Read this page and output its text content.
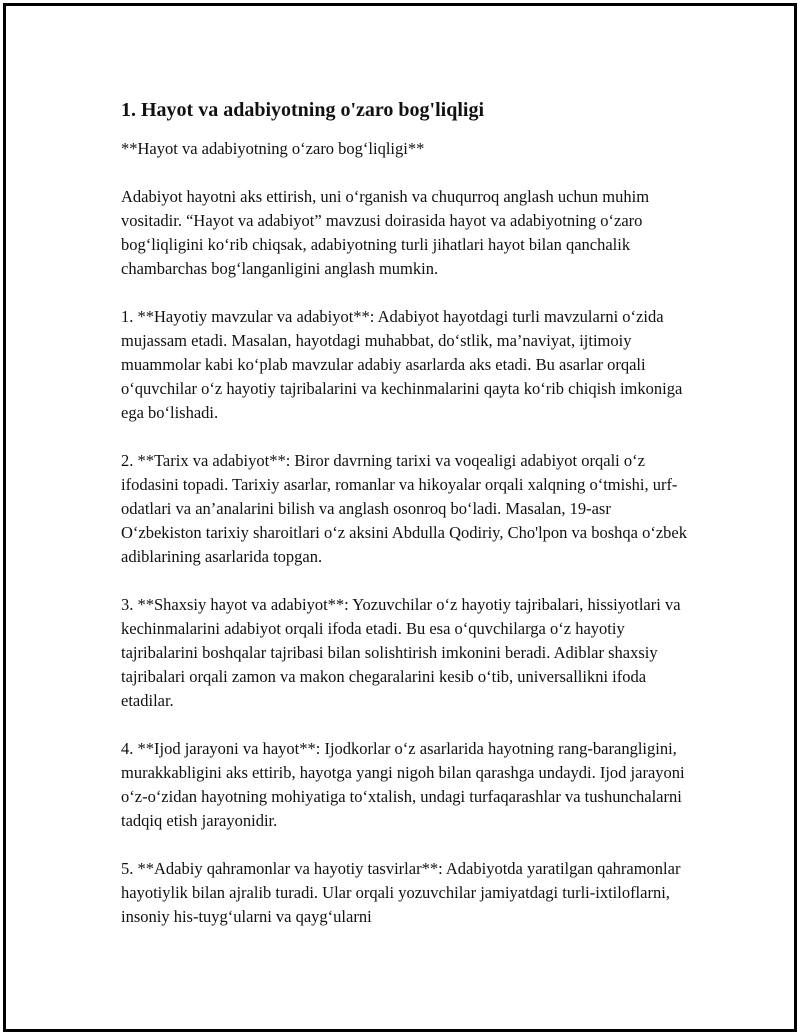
1. Hayot va adabiyotning o'zaro bog'liqligi

**Hayot va adabiyotning o‘zaro bog‘liqligi**

Adabiyot hayotni aks ettirish, uni o‘rganish va chuqurroq anglash uchun muhim vositadir. “Hayot va adabiyot” mavzusi doirasida hayot va adabiyotning o‘zaro bog‘liqligini ko‘rib chiqsak, adabiyotning turli jihatlari hayot bilan qanchalik chambarchas bog‘langanligini anglash mumkin.

1. **Hayotiy mavzular va adabiyot**: Adabiyot hayotdagi turli mavzularni o‘zida mujassam etadi. Masalan, hayotdagi muhabbat, do‘stlik, ma’naviyat, ijtimoiy muammolar kabi ko‘plab mavzular adabiy asarlarda aks etadi. Bu asarlar orqali o‘quvchilar o‘z hayotiy tajribalarini va kechinmalarini qayta ko‘rib chiqish imkoniga ega bo‘lishadi.

2. **Tarix va adabiyot**: Biror davrning tarixi va voqealigi adabiyot orqali o‘z ifodasini topadi. Tarixiy asarlar, romanlar va hikoyalar orqali xalqning o‘tmishi, urf-odatlari va an’analarini bilish va anglash osonroq bo‘ladi. Masalan, 19-asr O‘zbekiston tarixiy sharoitlari o‘z aksini Abdulla Qodiriy, Cho'lpon va boshqa o‘zbek adiblarining asarlarida topgan.

3. **Shaxsiy hayot va adabiyot**: Yozuvchilar o‘z hayotiy tajribalari, hissiyotlari va kechinmalarini adabiyot orqali ifoda etadi. Bu esa o‘quvchilarga o‘z hayotiy tajribalarini boshqalar tajribasi bilan solishtirish imkonini beradi. Adiblar shaxsiy tajribalari orqali zamon va makon chegaralarini kesib o‘tib, universallikni ifoda etadilar.

4. **Ijod jarayoni va hayot**: Ijodkorlar o‘z asarlarida hayotning rang-barangligini, murakkabligini aks ettirib, hayotga yangi nigoh bilan qarashga undaydi. Ijod jarayoni o‘z-o‘zidan hayotning mohiyatiga to‘xtalish, undagi turfaqarashlar va tushunchalarni tadqiq etish jarayonidir.

5. **Adabiy qahramonlar va hayotiy tasvirlar**: Adabiyotda yaratilgan qahramonlar hayotiylik bilan ajralib turadi. Ular orqali yozuvchilar jamiyatdagi turli-ixtiloflarni, insoniy his-tuyg‘ularni va qayg‘ularni
